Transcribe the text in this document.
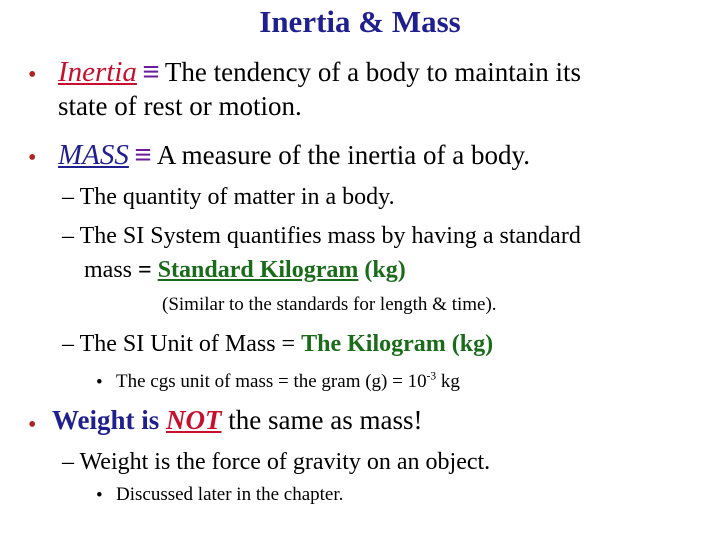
Inertia & Mass
• Inertia ≡ The tendency of a body to maintain its
state of rest or motion.
• MASS ≡ A measure of the inertia of a body.
– The quantity of matter in a body.
– The SI System quantifies mass by having a standard
mass = Standard Kilogram (kg)
(Similar to the standards for length & time).
– The SI Unit of Mass = The Kilogram (kg)
• The cgs unit of mass = the gram $(g) = 10^{-3}$ kg
• Weight is NOT the same as mass!
– Weight is the force of gravity on an object.
• Discussed later in the chapter.
